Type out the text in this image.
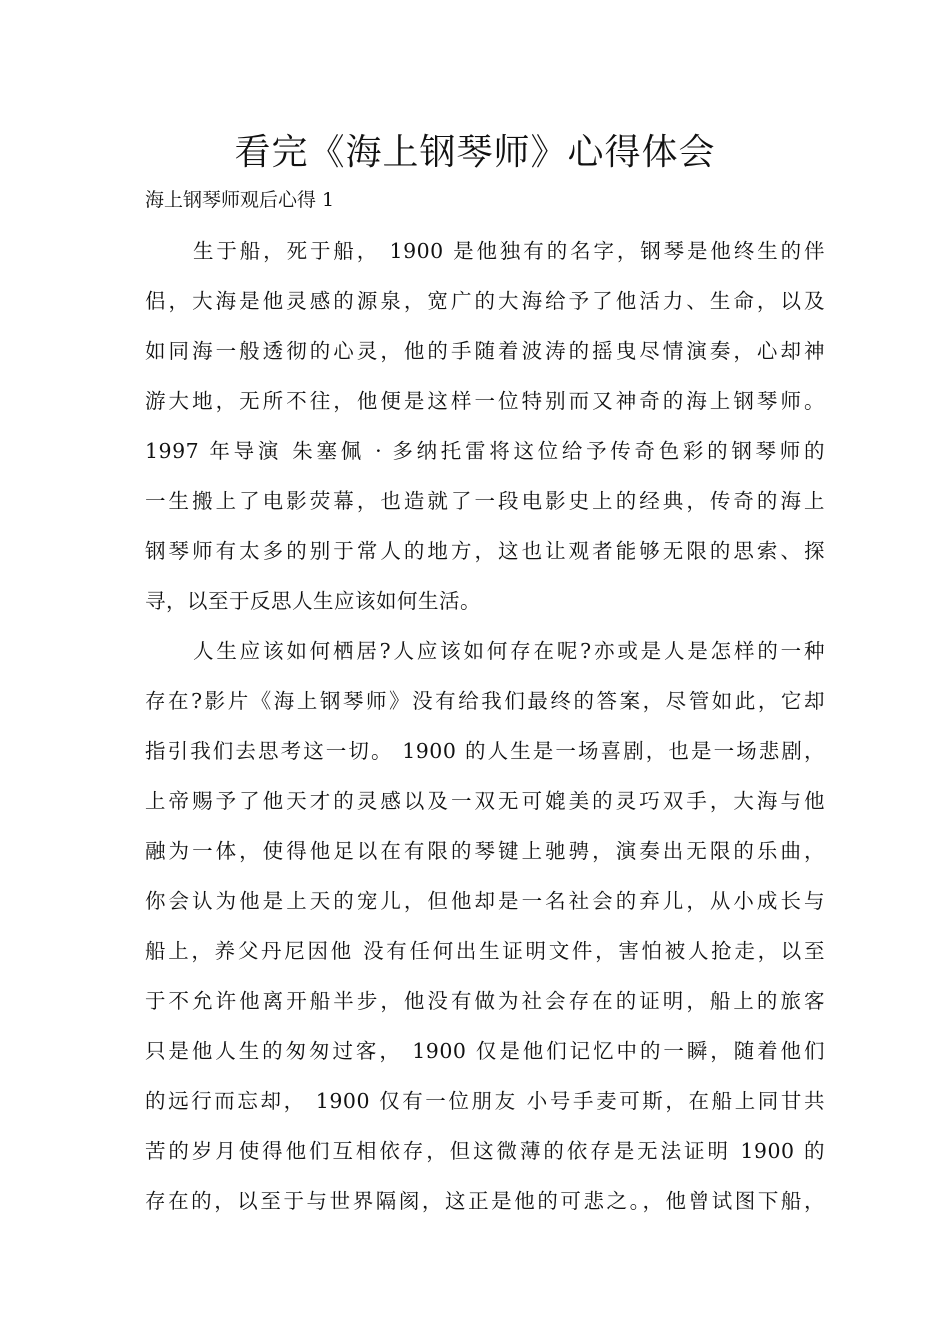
看完《海上钢琴师》心得体会
海上钢琴师观后心得 1
生于船，死于船， 1900 是他独有的名字，钢琴是他终生的伴
侣，大海是他灵感的源泉，宽广的大海给予了他活力、生命，以及
如同海一般透彻的心灵，他的手随着波涛的摇曳尽情演奏，心却神
游大地，无所不往，他便是这样一位特别而又神奇的海上钢琴师。
1997 年导演 朱塞佩 · 多纳托雷将这位给予传奇色彩的钢琴师的
一生搬上了电影荧幕，也造就了一段电影史上的经典，传奇的海上
钢琴师有太多的别于常人的地方，这也让观者能够无限的思索、探
寻，以至于反思人生应该如何生活。
人生应该如何栖居?人应该如何存在呢?亦或是人是怎样的一种
存在?影片《海上钢琴师》没有给我们最终的答案，尽管如此，它却
指引我们去思考这一切。 1900 的人生是一场喜剧，也是一场悲剧，
上帝赐予了他天才的灵感以及一双无可媲美的灵巧双手，大海与他
融为一体，使得他足以在有限的琴键上驰骋，演奏出无限的乐曲，
你会认为他是上天的宠儿，但他却是一名社会的弃儿，从小成长与
船上，养父丹尼因他 没有任何出生证明文件，害怕被人抢走，以至
于不允许他离开船半步，他没有做为社会存在的证明，船上的旅客
只是他人生的匆匆过客， 1900 仅是他们记忆中的一瞬，随着他们
的远行而忘却， 1900 仅有一位朋友 小号手麦可斯，在船上同甘共
苦的岁月使得他们互相依存，但这微薄的依存是无法证明 1900 的
存在的，以至于与世界隔阂，这正是他的可悲之。，他曾试图下船，
